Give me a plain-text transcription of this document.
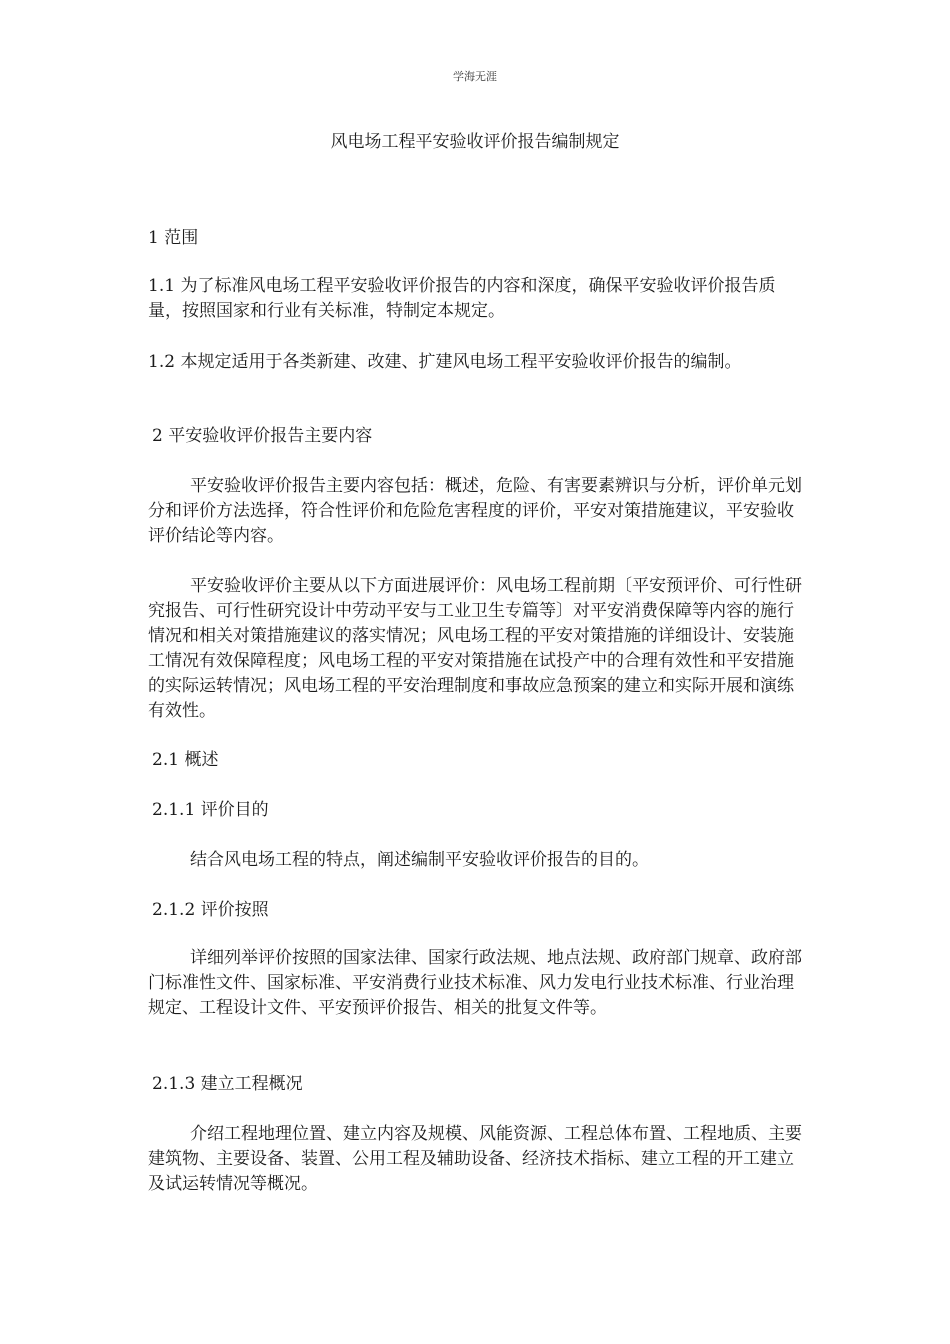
学海无涯
风电场工程平安验收评价报告编制规定

1 范围

1.1 为了标准风电场工程平安验收评价报告的内容和深度，确保平安验收评价报告质量，按照国家和行业有关标准，特制定本规定。

1.2 本规定适用于各类新建、改建、扩建风电场工程平安验收评价报告的编制。

2 平安验收评价报告主要内容

平安验收评价报告主要内容包括：概述，危险、有害要素辨识与分析，评价单元划分和评价方法选择，符合性评价和危险危害程度的评价，平安对策措施建议，平安验收评价结论等内容。

平安验收评价主要从以下方面进展评价：风电场工程前期〔平安预评价、可行性研究报告、可行性研究设计中劳动平安与工业卫生专篇等〕对平安消费保障等内容的施行情况和相关对策措施建议的落实情况；风电场工程的平安对策措施的详细设计、安装施工情况有效保障程度；风电场工程的平安对策措施在试投产中的合理有效性和平安措施的实际运转情况；风电场工程的平安治理制度和事故应急预案的建立和实际开展和演练有效性。

2.1 概述

2.1.1 评价目的

结合风电场工程的特点，阐述编制平安验收评价报告的目的。

2.1.2 评价按照

详细列举评价按照的国家法律、国家行政法规、地点法规、政府部门规章、政府部门标准性文件、国家标准、平安消费行业技术标准、风力发电行业技术标准、行业治理规定、工程设计文件、平安预评价报告、相关的批复文件等。

2.1.3 建立工程概况

介绍工程地理位置、建立内容及规模、风能资源、工程总体布置、工程地质、主要建筑物、主要设备、装置、公用工程及辅助设备、经济技术指标、建立工程的开工建立及试运转情况等概况。
